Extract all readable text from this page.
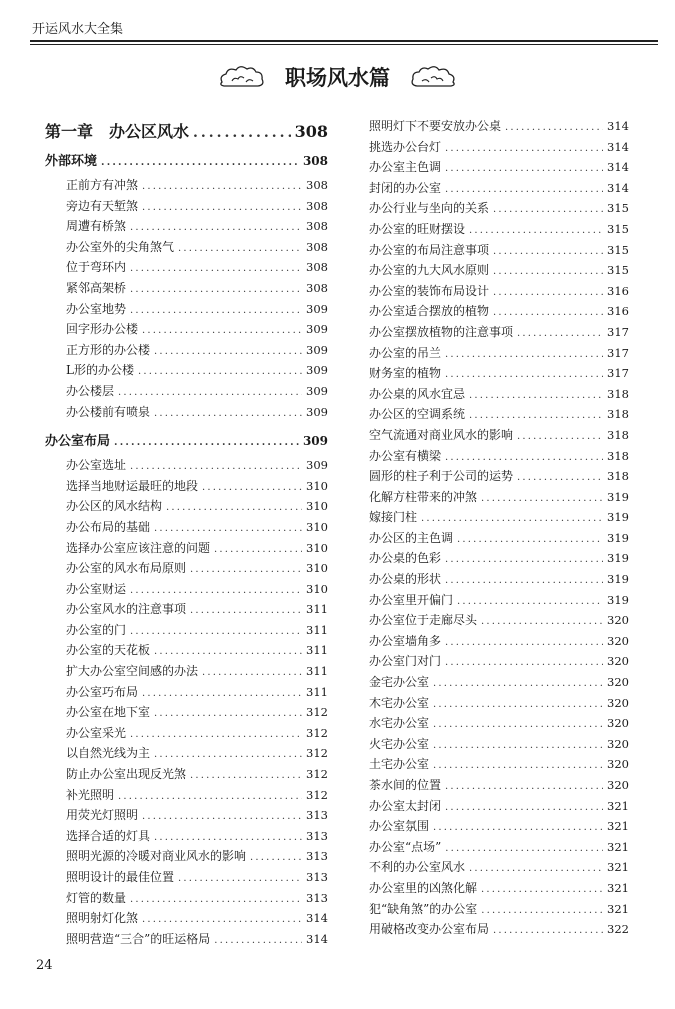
开运风水大全集
职场风水篇
第一章　办公区风水 .....	308
外部环境 .....	308
正前方有冲煞 .....	308
旁边有天堑煞 .....	308
周遭有桥煞 .....	308
办公室外的尖角煞气 .....	308
位于弯环内 .....	308
紧邻高架桥 .....	308
办公室地势 .....	309
回字形办公楼 .....	309
正方形的办公楼 .....	309
L形的办公楼 .....	309
办公楼层 .....	309
办公楼前有喷泉 .....	309
办公室布局 .....	309
办公室选址 .....	309
选择当地财运最旺的地段 .....	310
办公区的风水结构 .....	310
办公布局的基础 .....	310
选择办公室应该注意的问题 .....	310
办公室的风水布局原则 .....	310
办公室财运 .....	310
办公室风水的注意事项 .....	311
办公室的门 .....	311
办公室的天花板 .....	311
扩大办公室空间感的办法 .....	311
办公室巧布局 .....	311
办公室在地下室 .....	312
办公室采光 .....	312
以自然光线为主 .....	312
防止办公室出现反光煞 .....	312
补光照明 .....	312
用荧光灯照明 .....	313
选择合适的灯具 .....	313
照明光源的冷暖对商业风水的影响 .....	313
照明设计的最佳位置 .....	313
灯管的数量 .....	313
照明射灯化煞 .....	314
照明营造“三合”的旺运格局 .....	314
照明灯下不要安放办公桌 .....	314
挑选办公台灯 .....	314
办公室主色调 .....	314
封闭的办公室 .....	314
办公行业与坐向的关系 .....	315
办公室的旺财摆设 .....	315
办公室的布局注意事项 .....	315
办公室的九大风水原则 .....	315
办公室的装饰布局设计 .....	316
办公室适合摆放的植物 .....	316
办公室摆放植物的注意事项 .....	317
办公室的吊兰 .....	317
财务室的植物 .....	317
办公桌的风水宜忌 .....	318
办公区的空调系统 .....	318
空气流通对商业风水的影响 .....	318
办公室有横梁 .....	318
圆形的柱子利于公司的运势 .....	318
化解方柱带来的冲煞 .....	319
嫁接门柱 .....	319
办公区的主色调 .....	319
办公桌的色彩 .....	319
办公桌的形状 .....	319
办公室里开偏门 .....	319
办公室位于走廊尽头 .....	320
办公室墙角多 .....	320
办公室门对门 .....	320
金宅办公室 .....	320
木宅办公室 .....	320
水宅办公室 .....	320
火宅办公室 .....	320
土宅办公室 .....	320
茶水间的位置 .....	320
办公室太封闭 .....	321
办公室氛围 .....	321
办公室“点场” .....	321
不利的办公室风水 .....	321
办公室里的凶煞化解 .....	321
犯“缺角煞”的办公室 .....	321
用破格改变办公室布局 .....	322
24
